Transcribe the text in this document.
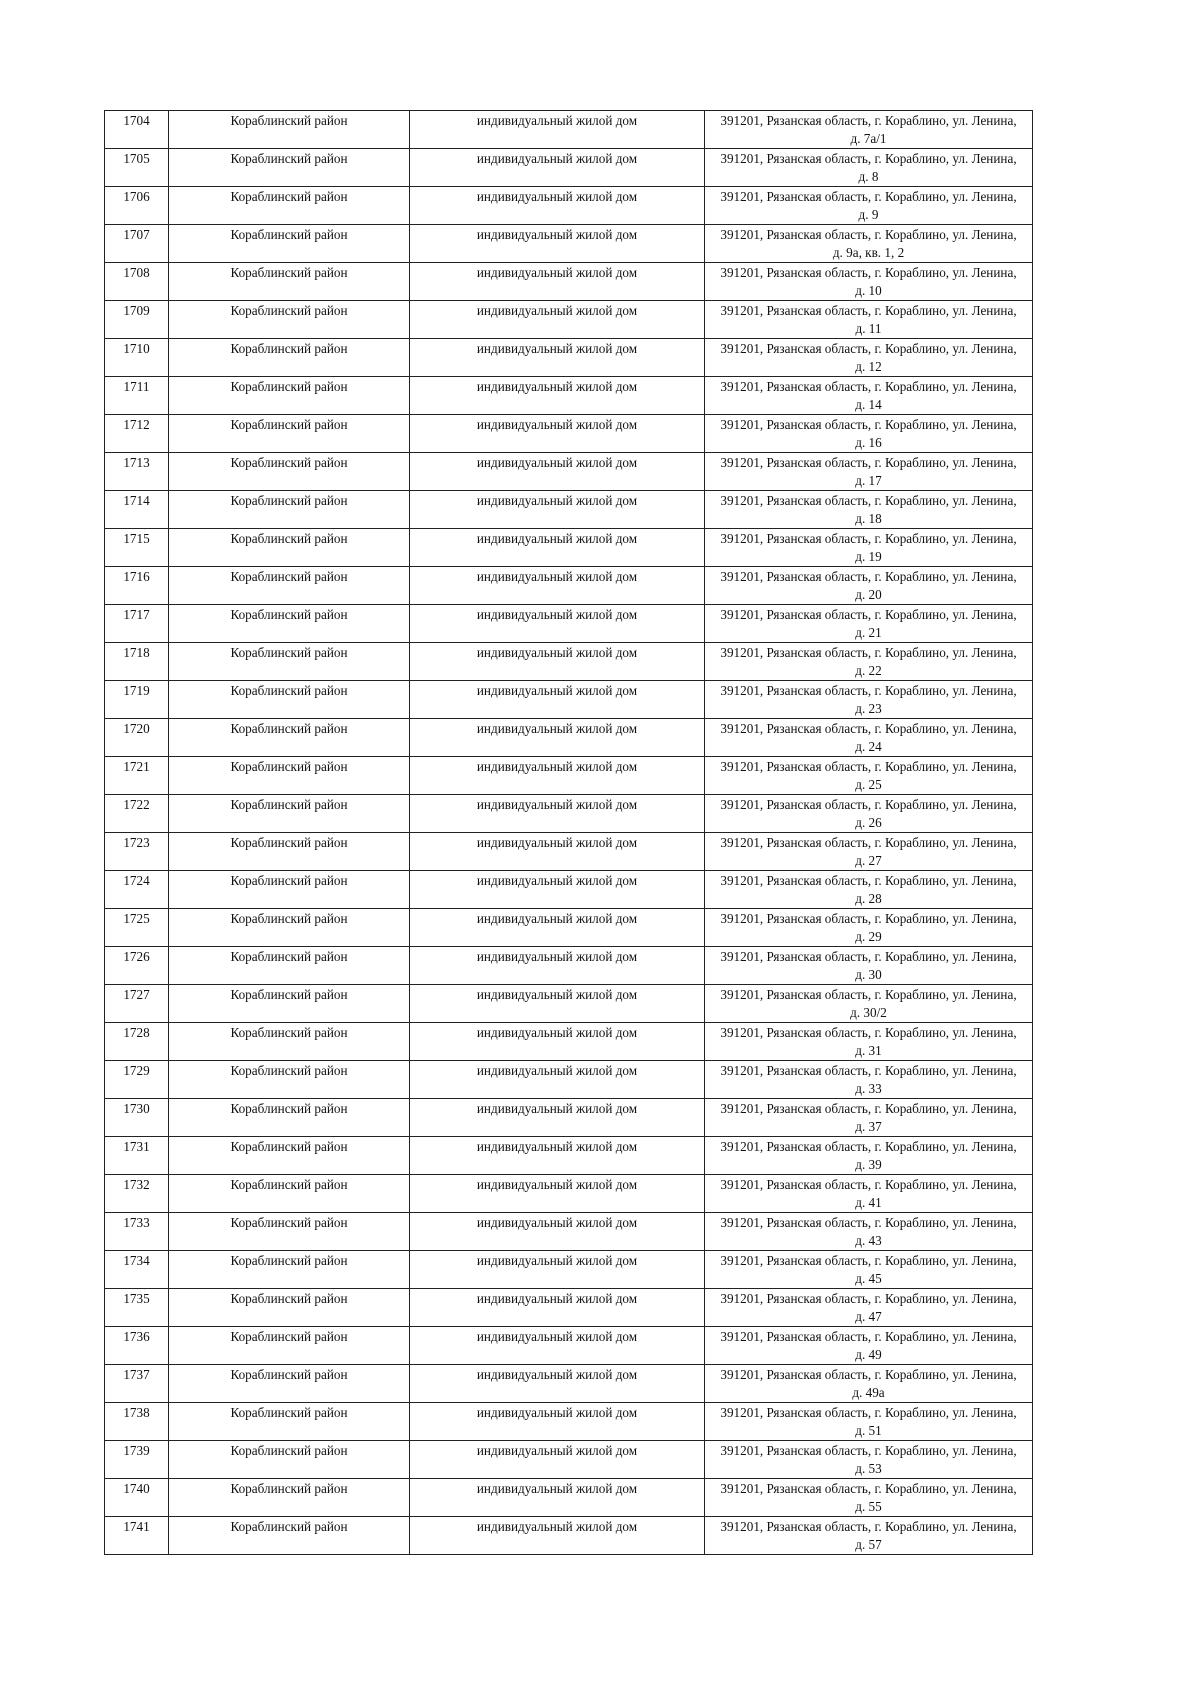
1704	Кораблинский район	индивидуальный жилой дом	391201, Рязанская область, г. Кораблино, ул. Ленина, д. 7а/1
1705	Кораблинский район	индивидуальный жилой дом	391201, Рязанская область, г. Кораблино, ул. Ленина, д. 8
1706	Кораблинский район	индивидуальный жилой дом	391201, Рязанская область, г. Кораблино, ул. Ленина, д. 9
1707	Кораблинский район	индивидуальный жилой дом	391201, Рязанская область, г. Кораблино, ул. Ленина, д. 9а, кв. 1, 2
1708	Кораблинский район	индивидуальный жилой дом	391201, Рязанская область, г. Кораблино, ул. Ленина, д. 10
1709	Кораблинский район	индивидуальный жилой дом	391201, Рязанская область, г. Кораблино, ул. Ленина, д. 11
1710	Кораблинский район	индивидуальный жилой дом	391201, Рязанская область, г. Кораблино, ул. Ленина, д. 12
1711	Кораблинский район	индивидуальный жилой дом	391201, Рязанская область, г. Кораблино, ул. Ленина, д. 14
1712	Кораблинский район	индивидуальный жилой дом	391201, Рязанская область, г. Кораблино, ул. Ленина, д. 16
1713	Кораблинский район	индивидуальный жилой дом	391201, Рязанская область, г. Кораблино, ул. Ленина, д. 17
1714	Кораблинский район	индивидуальный жилой дом	391201, Рязанская область, г. Кораблино, ул. Ленина, д. 18
1715	Кораблинский район	индивидуальный жилой дом	391201, Рязанская область, г. Кораблино, ул. Ленина, д. 19
1716	Кораблинский район	индивидуальный жилой дом	391201, Рязанская область, г. Кораблино, ул. Ленина, д. 20
1717	Кораблинский район	индивидуальный жилой дом	391201, Рязанская область, г. Кораблино, ул. Ленина, д. 21
1718	Кораблинский район	индивидуальный жилой дом	391201, Рязанская область, г. Кораблино, ул. Ленина, д. 22
1719	Кораблинский район	индивидуальный жилой дом	391201, Рязанская область, г. Кораблино, ул. Ленина, д. 23
1720	Кораблинский район	индивидуальный жилой дом	391201, Рязанская область, г. Кораблино, ул. Ленина, д. 24
1721	Кораблинский район	индивидуальный жилой дом	391201, Рязанская область, г. Кораблино, ул. Ленина, д. 25
1722	Кораблинский район	индивидуальный жилой дом	391201, Рязанская область, г. Кораблино, ул. Ленина, д. 26
1723	Кораблинский район	индивидуальный жилой дом	391201, Рязанская область, г. Кораблино, ул. Ленина, д. 27
1724	Кораблинский район	индивидуальный жилой дом	391201, Рязанская область, г. Кораблино, ул. Ленина, д. 28
1725	Кораблинский район	индивидуальный жилой дом	391201, Рязанская область, г. Кораблино, ул. Ленина, д. 29
1726	Кораблинский район	индивидуальный жилой дом	391201, Рязанская область, г. Кораблино, ул. Ленина, д. 30
1727	Кораблинский район	индивидуальный жилой дом	391201, Рязанская область, г. Кораблино, ул. Ленина, д. 30/2
1728	Кораблинский район	индивидуальный жилой дом	391201, Рязанская область, г. Кораблино, ул. Ленина, д. 31
1729	Кораблинский район	индивидуальный жилой дом	391201, Рязанская область, г. Кораблино, ул. Ленина, д. 33
1730	Кораблинский район	индивидуальный жилой дом	391201, Рязанская область, г. Кораблино, ул. Ленина, д. 37
1731	Кораблинский район	индивидуальный жилой дом	391201, Рязанская область, г. Кораблино, ул. Ленина, д. 39
1732	Кораблинский район	индивидуальный жилой дом	391201, Рязанская область, г. Кораблино, ул. Ленина, д. 41
1733	Кораблинский район	индивидуальный жилой дом	391201, Рязанская область, г. Кораблино, ул. Ленина, д. 43
1734	Кораблинский район	индивидуальный жилой дом	391201, Рязанская область, г. Кораблино, ул. Ленина, д. 45
1735	Кораблинский район	индивидуальный жилой дом	391201, Рязанская область, г. Кораблино, ул. Ленина, д. 47
1736	Кораблинский район	индивидуальный жилой дом	391201, Рязанская область, г. Кораблино, ул. Ленина, д. 49
1737	Кораблинский район	индивидуальный жилой дом	391201, Рязанская область, г. Кораблино, ул. Ленина, д. 49а
1738	Кораблинский район	индивидуальный жилой дом	391201, Рязанская область, г. Кораблино, ул. Ленина, д. 51
1739	Кораблинский район	индивидуальный жилой дом	391201, Рязанская область, г. Кораблино, ул. Ленина, д. 53
1740	Кораблинский район	индивидуальный жилой дом	391201, Рязанская область, г. Кораблино, ул. Ленина, д. 55
1741	Кораблинский район	индивидуальный жилой дом	391201, Рязанская область, г. Кораблино, ул. Ленина, д. 57
